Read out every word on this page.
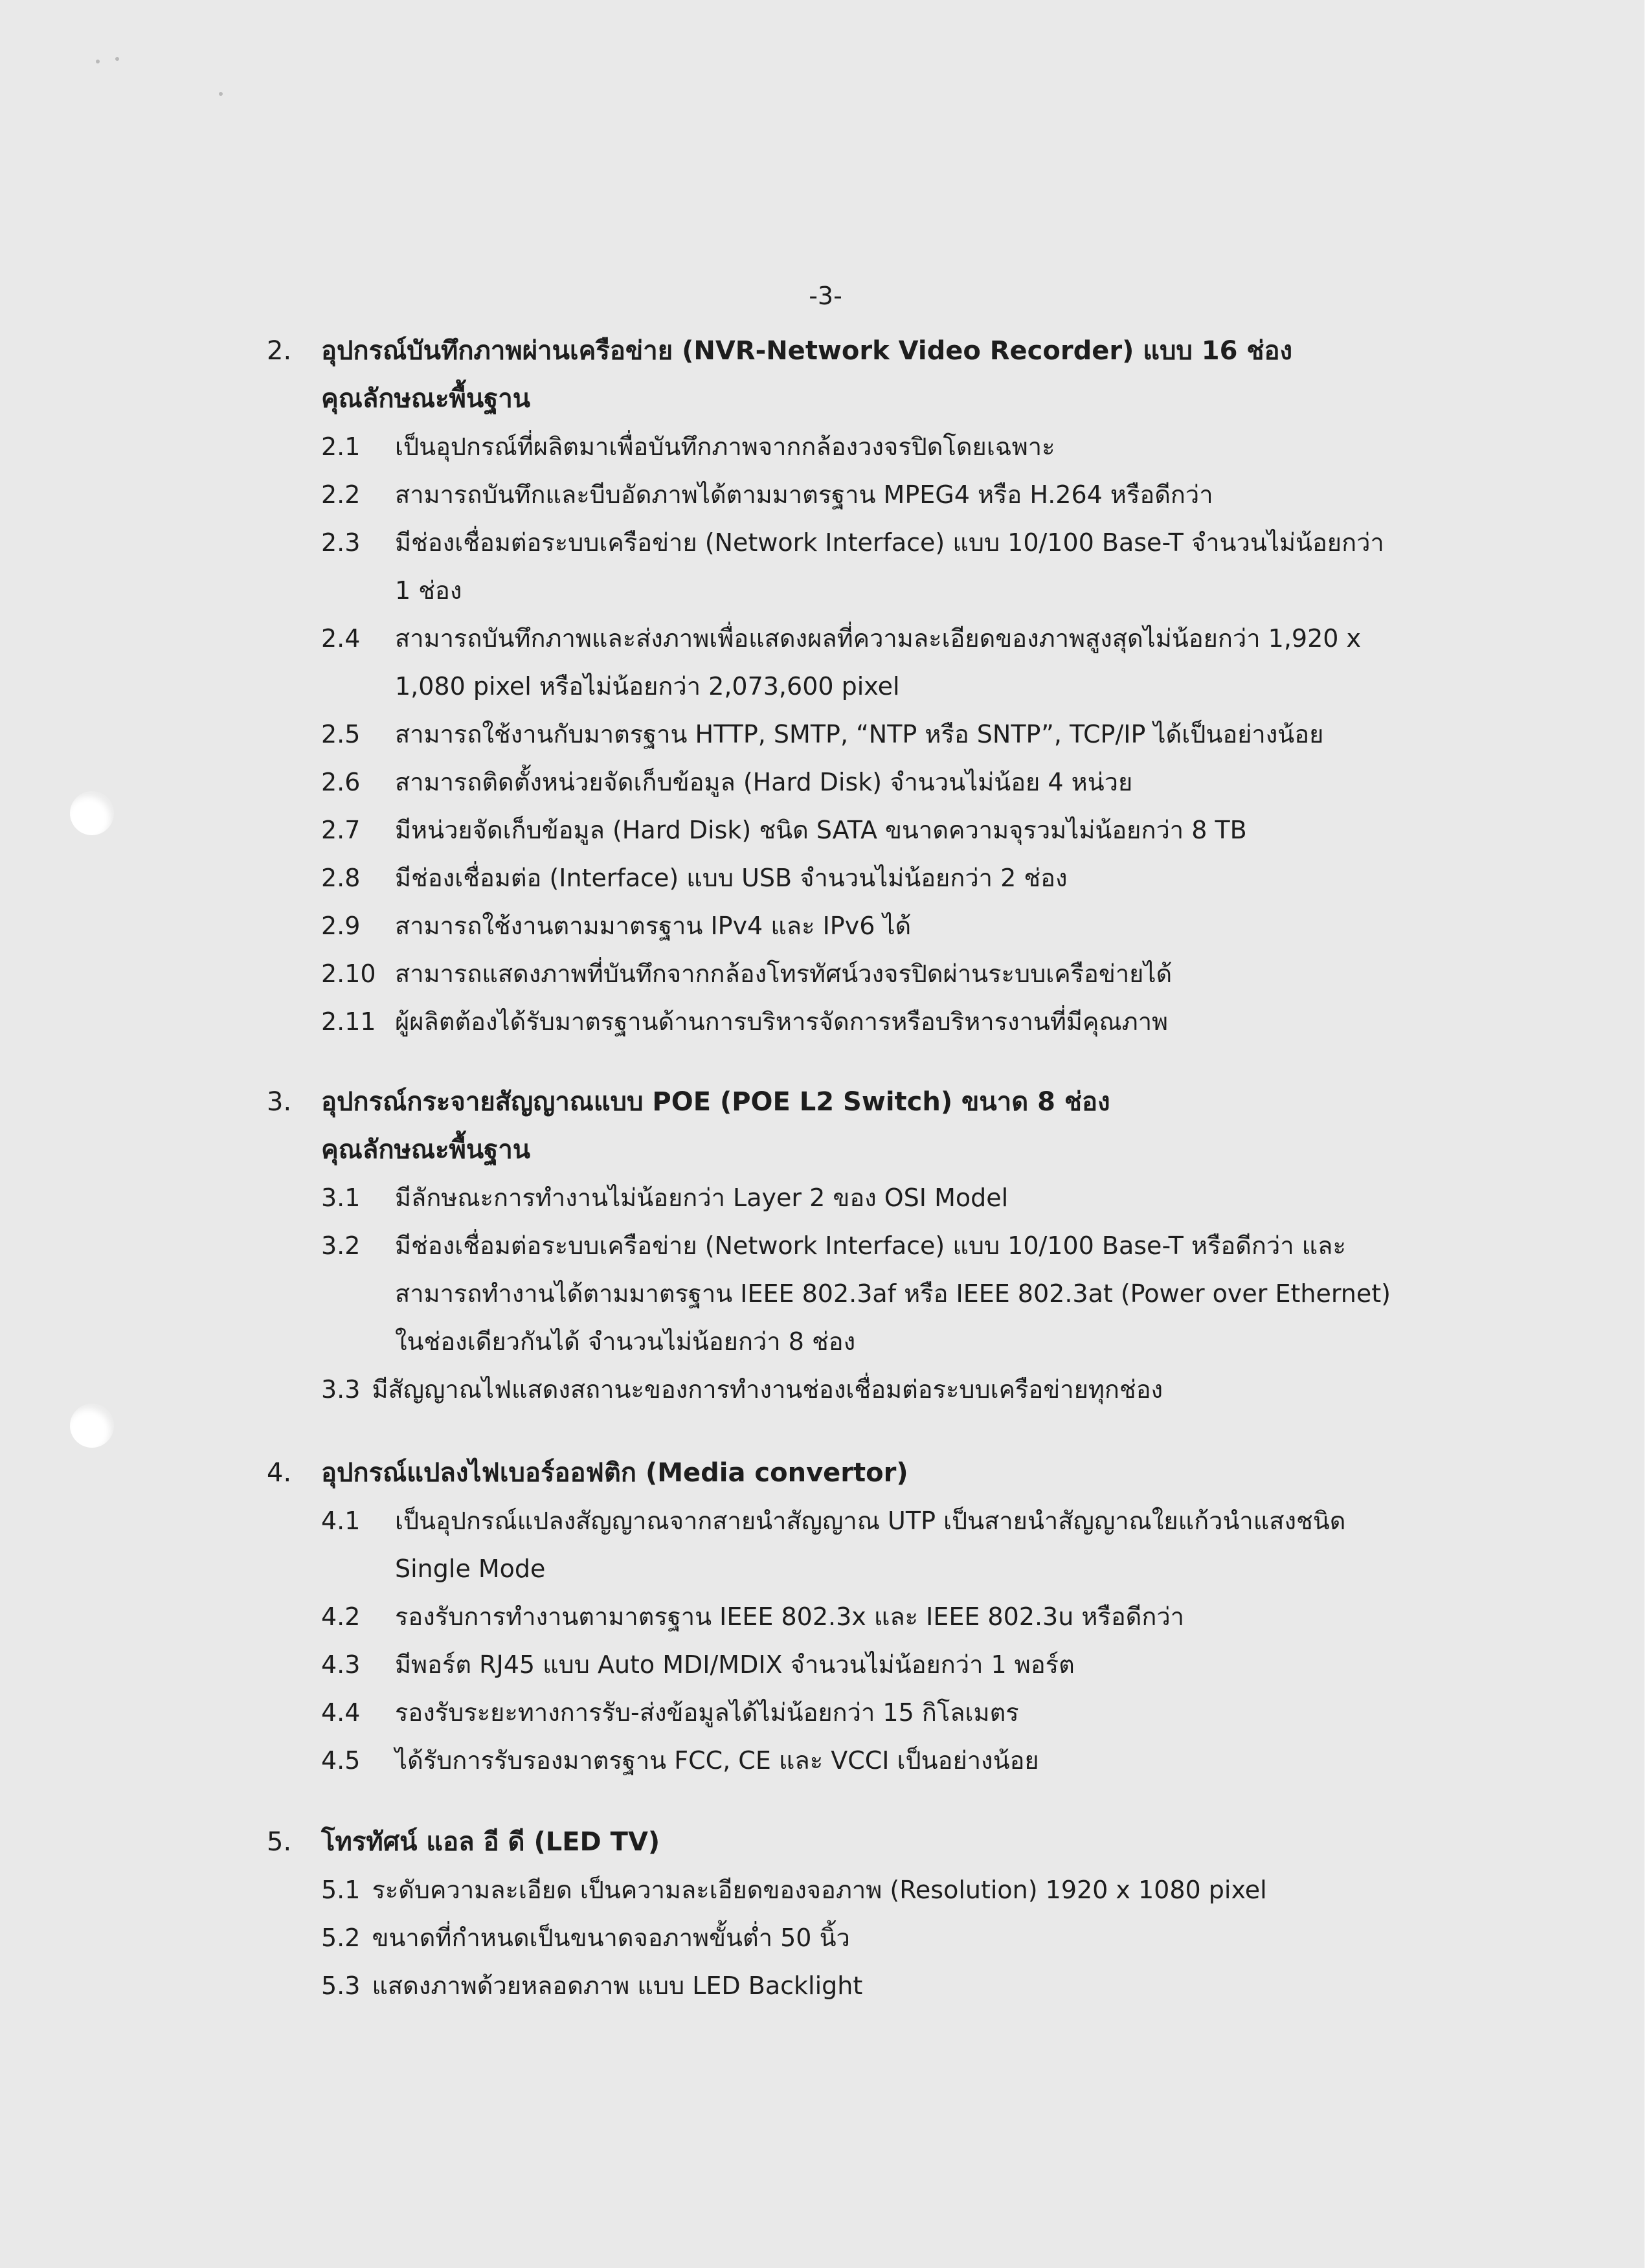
-3-
2. อุปกรณ์บันทึกภาพผ่านเครือข่าย (NVR-Network Video Recorder) แบบ 16 ช่อง
คุณลักษณะพื้นฐาน
2.1 เป็นอุปกรณ์ที่ผลิตมาเพื่อบันทึกภาพจากกล้องวงจรปิดโดยเฉพาะ
2.2 สามารถบันทึกและบีบอัดภาพได้ตามมาตรฐาน MPEG4 หรือ H.264 หรือดีกว่า
2.3 มีช่องเชื่อมต่อระบบเครือข่าย (Network Interface) แบบ 10/100 Base-T จำนวนไม่น้อยกว่า
1 ช่อง
2.4 สามารถบันทึกภาพและส่งภาพเพื่อแสดงผลที่ความละเอียดของภาพสูงสุดไม่น้อยกว่า 1,920 x
1,080 pixel หรือไม่น้อยกว่า 2,073,600 pixel
2.5 สามารถใช้งานกับมาตรฐาน HTTP, SMTP, “NTP หรือ SNTP”, TCP/IP ได้เป็นอย่างน้อย
2.6 สามารถติดตั้งหน่วยจัดเก็บข้อมูล (Hard Disk) จำนวนไม่น้อย 4 หน่วย
2.7 มีหน่วยจัดเก็บข้อมูล (Hard Disk) ชนิด SATA ขนาดความจุรวมไม่น้อยกว่า 8 TB
2.8 มีช่องเชื่อมต่อ (Interface) แบบ USB จำนวนไม่น้อยกว่า 2 ช่อง
2.9 สามารถใช้งานตามมาตรฐาน IPv4 และ IPv6 ได้
2.10 สามารถแสดงภาพที่บันทึกจากกล้องโทรทัศน์วงจรปิดผ่านระบบเครือข่ายได้
2.11 ผู้ผลิตต้องได้รับมาตรฐานด้านการบริหารจัดการหรือบริหารงานที่มีคุณภาพ
3. อุปกรณ์กระจายสัญญาณแบบ POE (POE L2 Switch) ขนาด 8 ช่อง
คุณลักษณะพื้นฐาน
3.1 มีลักษณะการทำงานไม่น้อยกว่า Layer 2 ของ OSI Model
3.2 มีช่องเชื่อมต่อระบบเครือข่าย (Network Interface) แบบ 10/100 Base-T หรือดีกว่า และ
สามารถทำงานได้ตามมาตรฐาน IEEE 802.3af หรือ IEEE 802.3at (Power over Ethernet)
ในช่องเดียวกันได้ จำนวนไม่น้อยกว่า 8 ช่อง
3.3 มีสัญญาณไฟแสดงสถานะของการทำงานช่องเชื่อมต่อระบบเครือข่ายทุกช่อง
4. อุปกรณ์แปลงไฟเบอร์ออฟติก (Media convertor)
4.1 เป็นอุปกรณ์แปลงสัญญาณจากสายนำสัญญาณ UTP เป็นสายนำสัญญาณใยแก้วนำแสงชนิด
Single Mode
4.2 รองรับการทำงานตามาตรฐาน IEEE 802.3x และ IEEE 802.3u หรือดีกว่า
4.3 มีพอร์ต RJ45 แบบ Auto MDI/MDIX จำนวนไม่น้อยกว่า 1 พอร์ต
4.4 รองรับระยะทางการรับ-ส่งข้อมูลได้ไม่น้อยกว่า 15 กิโลเมตร
4.5 ได้รับการรับรองมาตรฐาน FCC, CE และ VCCI เป็นอย่างน้อย
5. โทรทัศน์ แอล อี ดี (LED TV)
5.1 ระดับความละเอียด เป็นความละเอียดของจอภาพ (Resolution) 1920 x 1080 pixel
5.2 ขนาดที่กำหนดเป็นขนาดจอภาพขั้นต่ำ 50 นิ้ว
5.3 แสดงภาพด้วยหลอดภาพ แบบ LED Backlight
